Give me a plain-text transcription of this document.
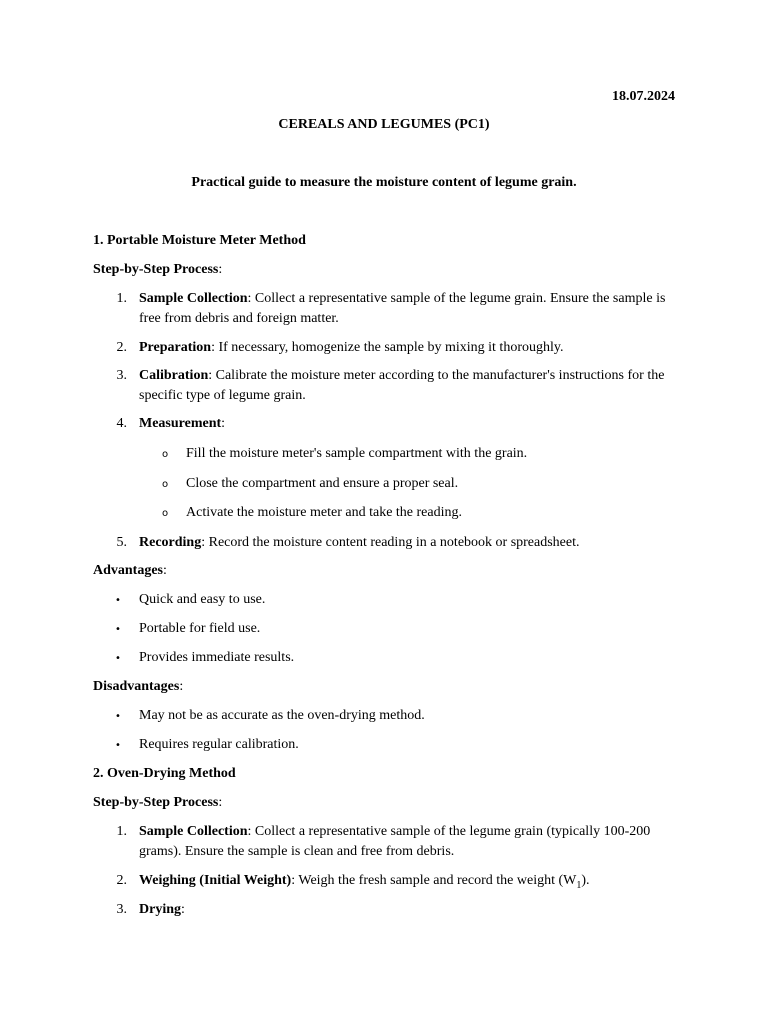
18.07.2024
CEREALS AND LEGUMES (PC1)
Practical guide to measure the moisture content of legume grain.
1. Portable Moisture Meter Method
Step-by-Step Process:
1. Sample Collection: Collect a representative sample of the legume grain. Ensure the sample is free from debris and foreign matter.
2. Preparation: If necessary, homogenize the sample by mixing it thoroughly.
3. Calibration: Calibrate the moisture meter according to the manufacturer's instructions for the specific type of legume grain.
4. Measurement:
o Fill the moisture meter's sample compartment with the grain.
o Close the compartment and ensure a proper seal.
o Activate the moisture meter and take the reading.
5. Recording: Record the moisture content reading in a notebook or spreadsheet.
Advantages:
• Quick and easy to use.
• Portable for field use.
• Provides immediate results.
Disadvantages:
• May not be as accurate as the oven-drying method.
• Requires regular calibration.
2. Oven-Drying Method
Step-by-Step Process:
1. Sample Collection: Collect a representative sample of the legume grain (typically 100-200 grams). Ensure the sample is clean and free from debris.
2. Weighing (Initial Weight): Weigh the fresh sample and record the weight $(W_1)$.
3. Drying:
